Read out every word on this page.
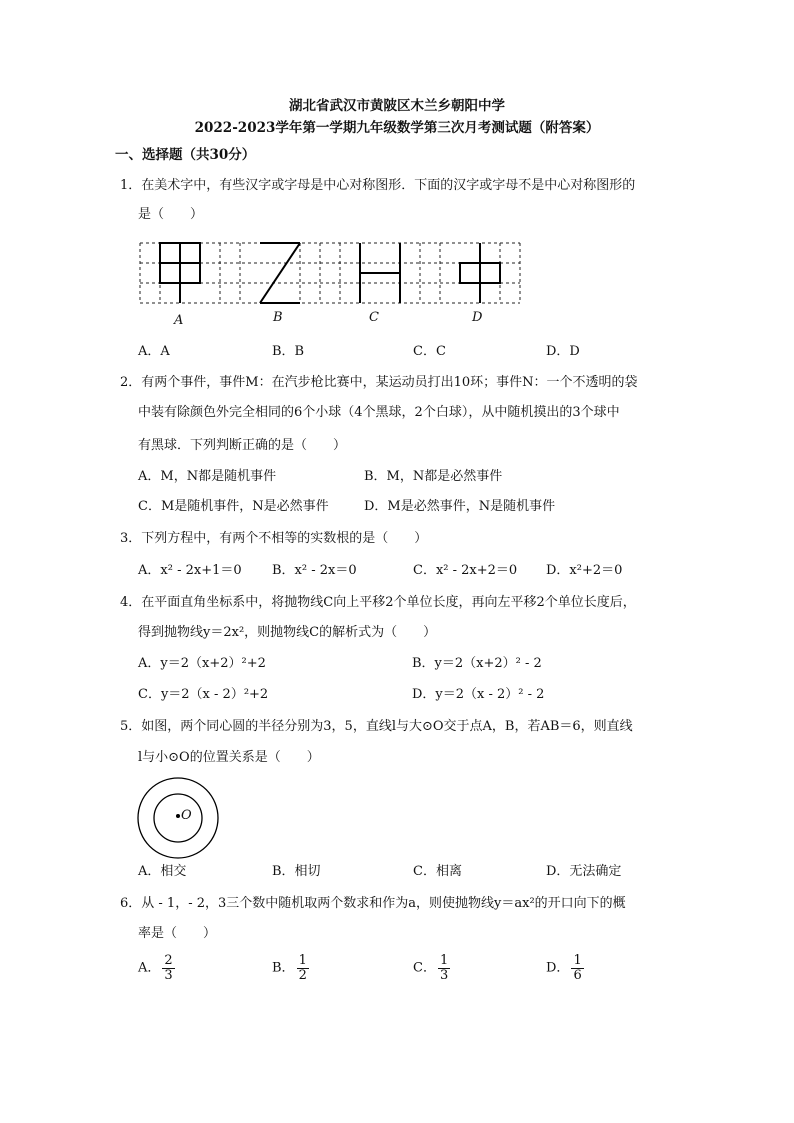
湖北省武汉市黄陂区木兰乡朝阳中学
2022-2023学年第一学期九年级数学第三次月考测试题（附答案）
一、选择题（共30分）
1．在美术字中，有些汉字或字母是中心对称图形．下面的汉字或字母不是中心对称图形的
是（　　）
A	B	C	D
A．A	B．B	C．C	D．D
2．有两个事件，事件M：在汽步枪比赛中，某运动员打出10环；事件N：一个不透明的袋
中装有除颜色外完全相同的6个小球（4个黑球，2个白球），从中随机摸出的3个球中
有黑球．下列判断正确的是（　　）
A．M，N都是随机事件	B．M，N都是必然事件
C．M是随机事件，N是必然事件	D．M是必然事件，N是随机事件
3．下列方程中，有两个不相等的实数根的是（　　）
A．x² - 2x+1＝0 B．x² - 2x＝0	C．x² - 2x+2＝0 D．x²+2＝0
4．在平面直角坐标系中，将抛物线C向上平移2个单位长度，再向左平移2个单位长度后，
得到抛物线y＝2x²，则抛物线C的解析式为（　　）
A．y＝2（x+2）²+2	B．y＝2（x+2）² - 2
C．y＝2（x - 2）²+2	D．y＝2（x - 2）² - 2
5．如图，两个同心圆的半径分别为3，5，直线l与大⊙O交于点A，B，若AB＝6，则直线
l与小⊙O的位置关系是（　　）
O
A．相交	B．相切	C．相离	D．无法确定
6．从 - 1，- 2，3三个数中随机取两个数求和作为a，则使抛物线y＝ax²的开口向下的概
率是（　　）
A． $\frac{2}{3}$	B． $\frac{1}{2}$	C． $\frac{1}{3}$	D． $\frac{1}{6}$
